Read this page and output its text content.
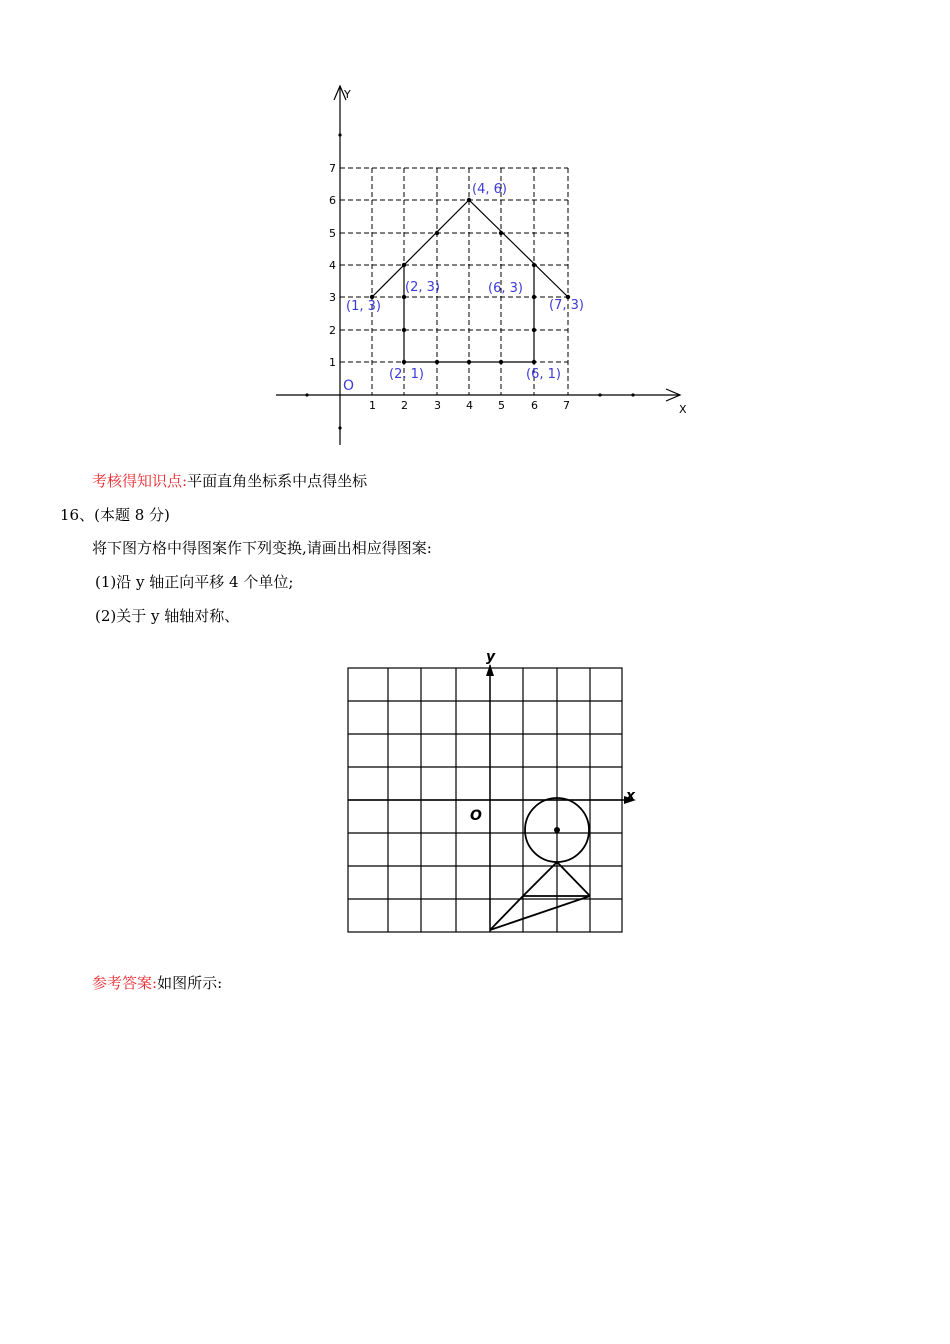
1 2 3 4 5 6 7
1
2
3
4
5
6
7
X
Y
O
(4, 6)
(2, 3)	(6, 3)
(1, 3)	(7, 3)
(2, 1)	(6, 1)
考核得知识点:平面直角坐标系中点得坐标
16、(本题 8 分)
将下图方格中得图案作下列变换,请画出相应得图案:
(1)沿 y 轴正向平移 4 个单位;
(2)关于 y 轴轴对称、
y
x
O
参考答案:如图所示:
